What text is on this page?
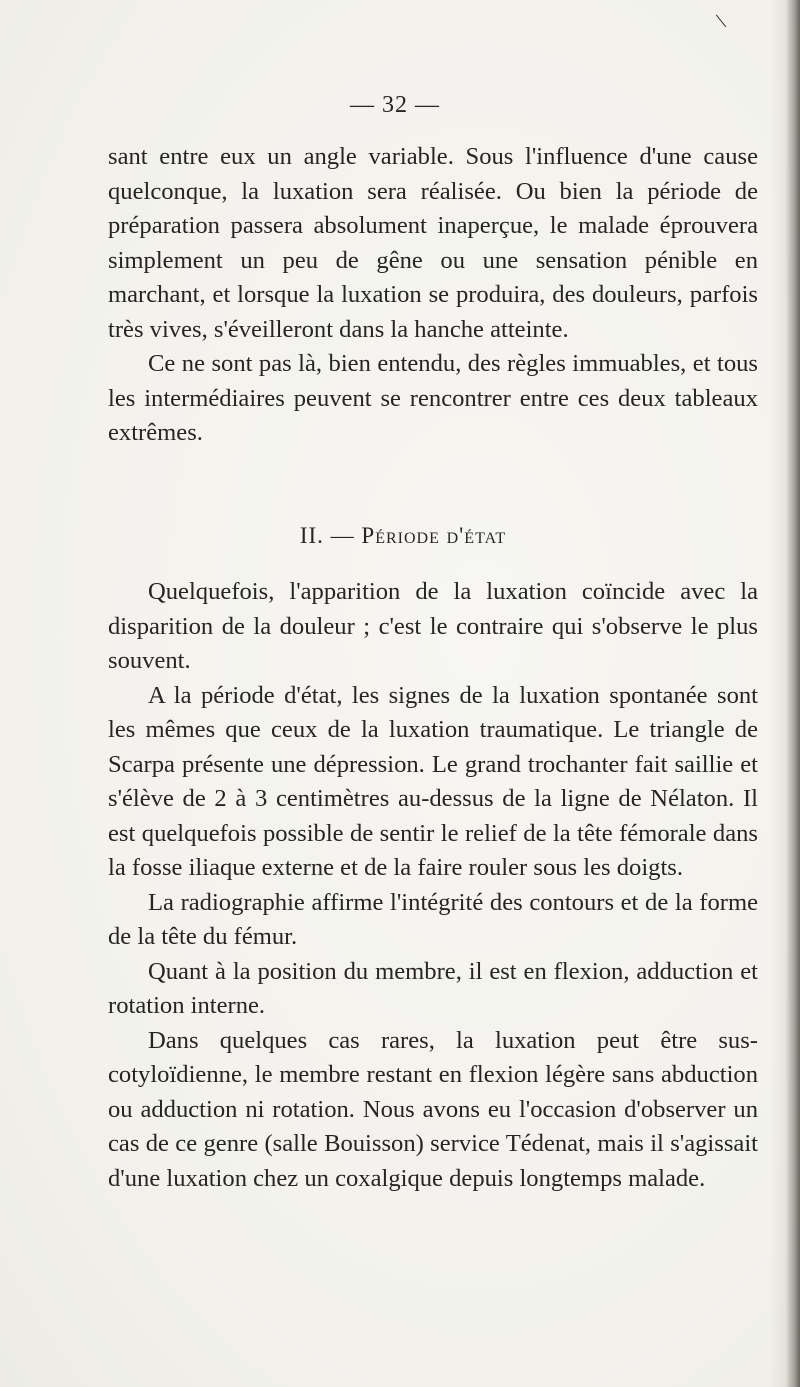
\
— 32 —

sant entre eux un angle variable. Sous l'influence d'une cause quelconque, la luxation sera réalisée. Ou bien la période de préparation passera absolument inaperçue, le malade éprouvera simplement un peu de gêne ou une sensation pénible en marchant, et lorsque la luxation se produira, des douleurs, parfois très vives, s'éveilleront dans la hanche atteinte.

Ce ne sont pas là, bien entendu, des règles immuables, et tous les intermédiaires peuvent se rencontrer entre ces deux tableaux extrêmes.

II. — Période d'état

Quelquefois, l'apparition de la luxation coïncide avec la disparition de la douleur ; c'est le contraire qui s'observe le plus souvent.

A la période d'état, les signes de la luxation spontanée sont les mêmes que ceux de la luxation traumatique. Le triangle de Scarpa présente une dépression. Le grand trochanter fait saillie et s'élève de 2 à 3 centimètres au-dessus de la ligne de Nélaton. Il est quelquefois possible de sentir le relief de la tête fémorale dans la fosse iliaque externe et de la faire rouler sous les doigts.

La radiographie affirme l'intégrité des contours et de la forme de la tête du fémur.

Quant à la position du membre, il est en flexion, adduction et rotation interne.

Dans quelques cas rares, la luxation peut être sus-cotyloïdienne, le membre restant en flexion légère sans abduction ou adduction ni rotation. Nous avons eu l'occasion d'observer un cas de ce genre (salle Bouisson) service Tédenat, mais il s'agissait d'une luxation chez un coxalgique depuis longtemps malade.
